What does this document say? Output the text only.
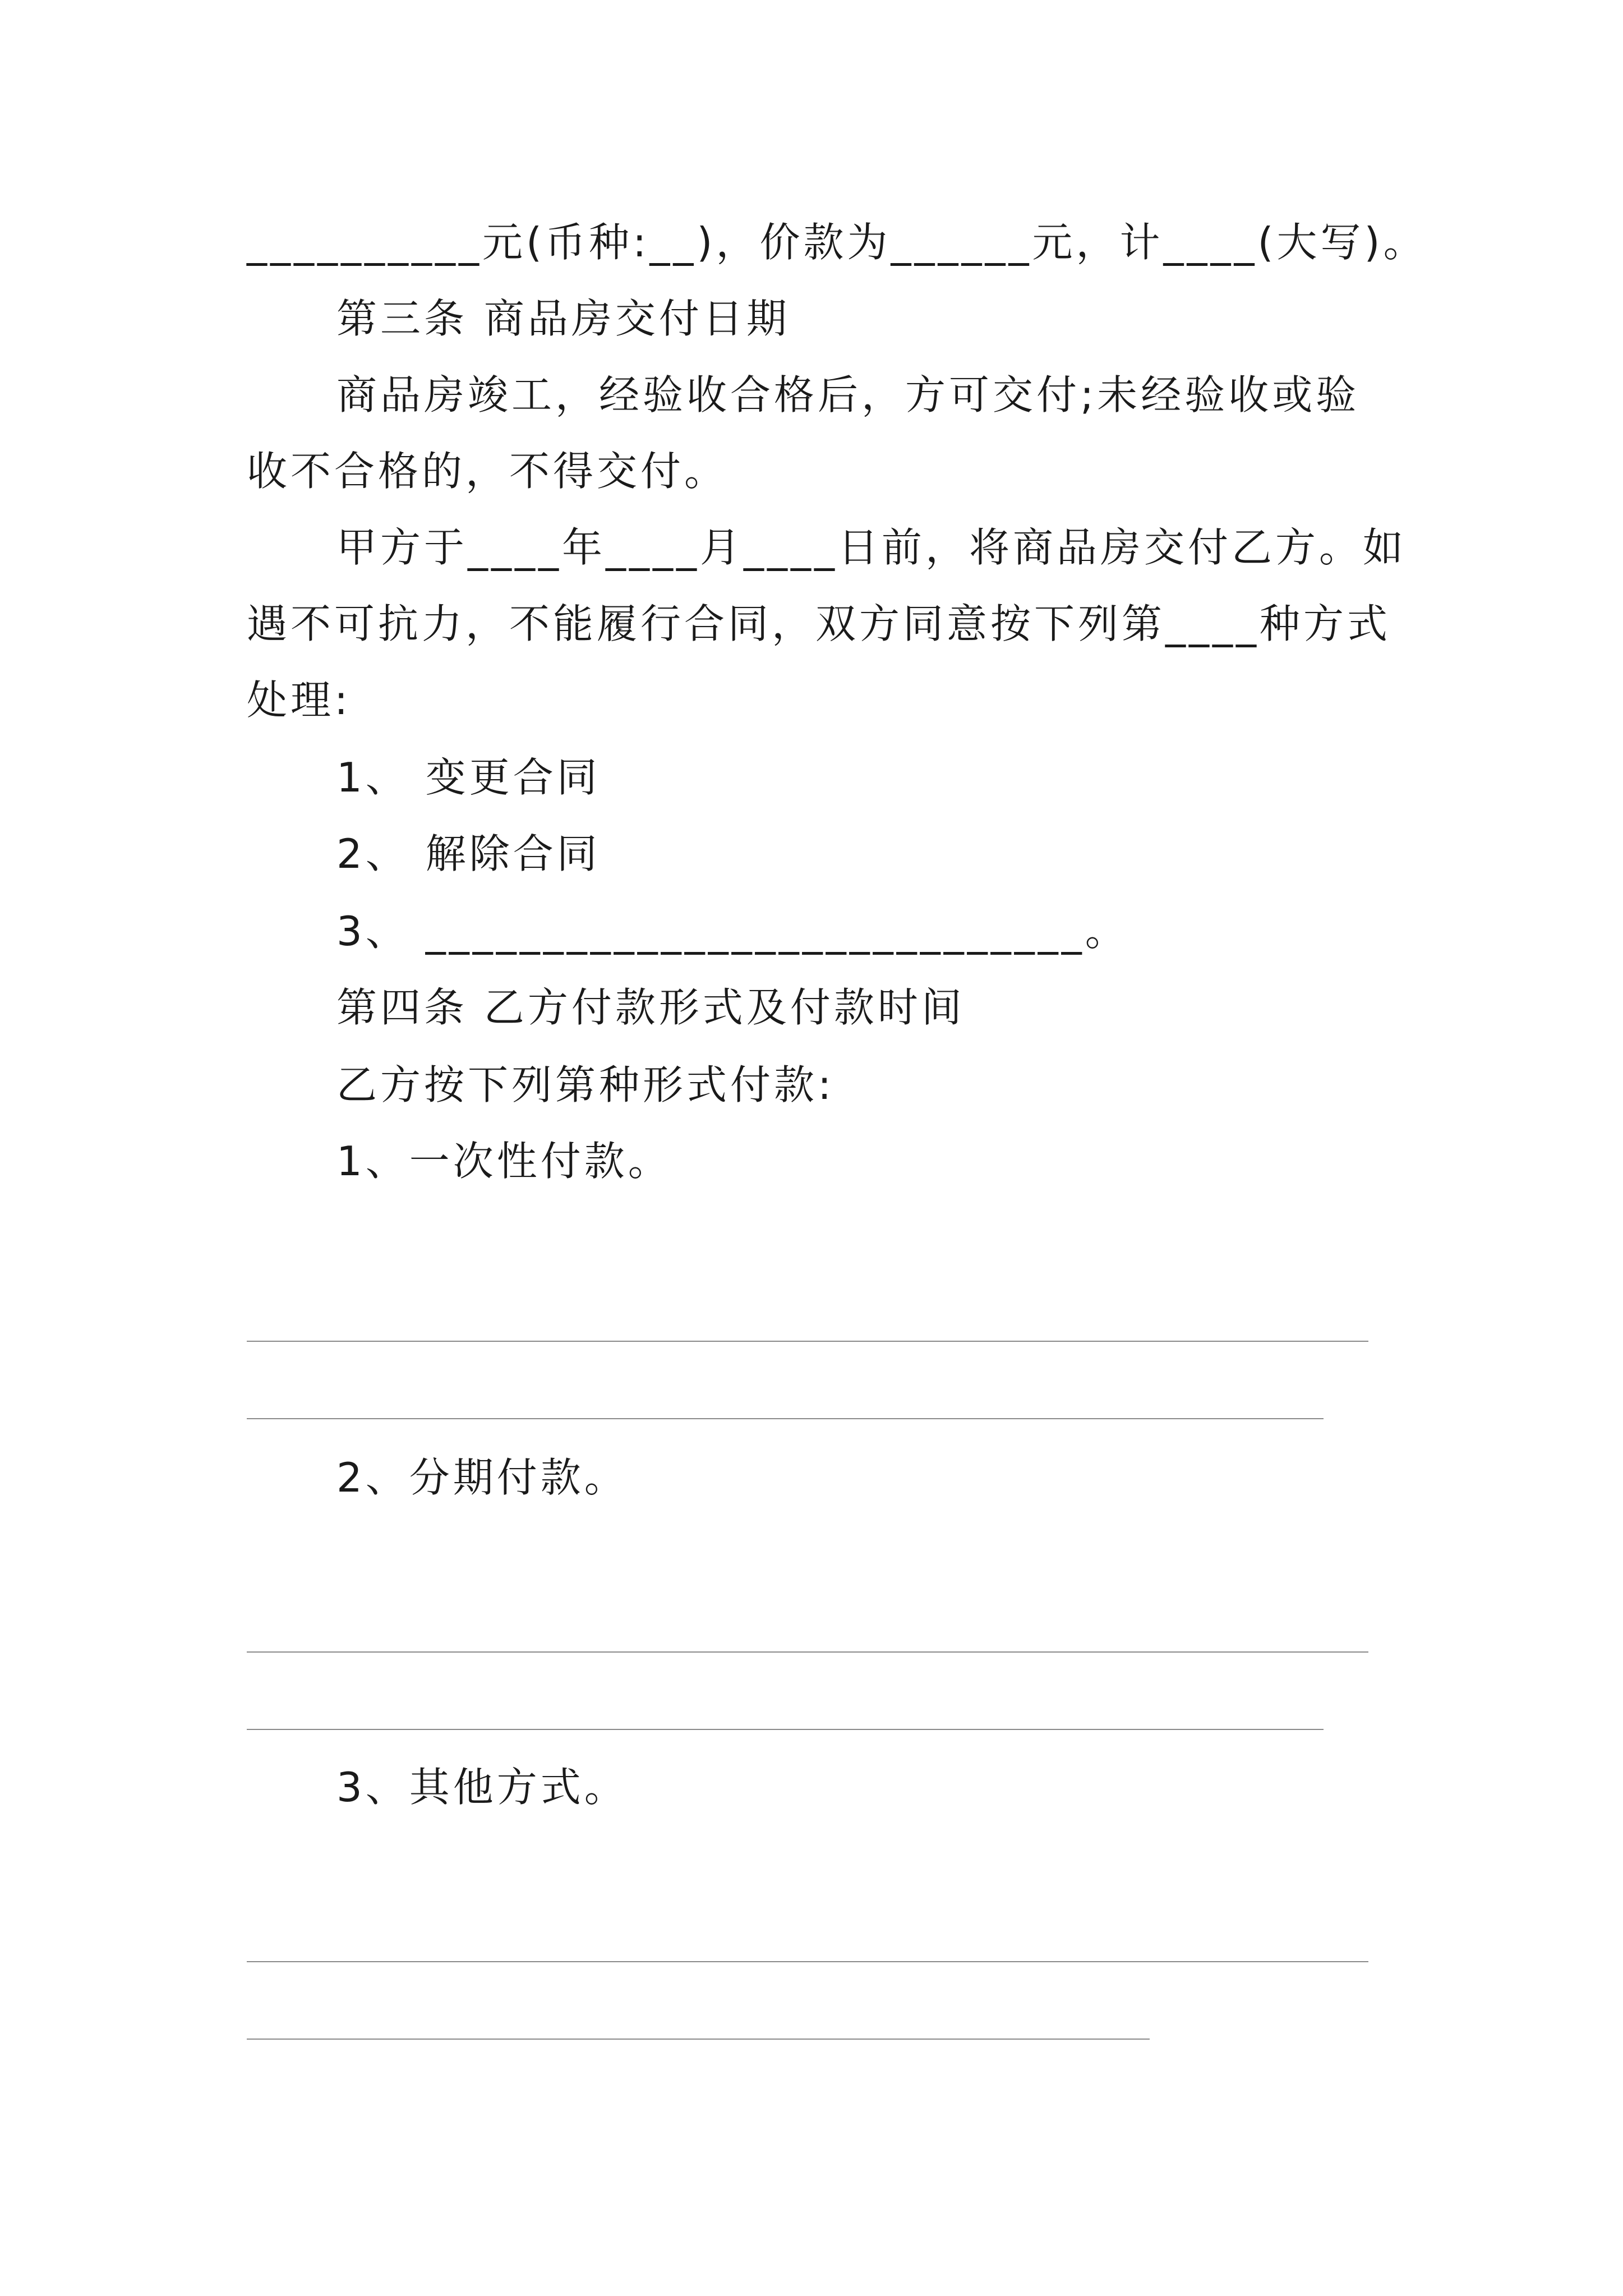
__________元(币种:__)，价款为______元，计____(大写)。
第三条 商品房交付日期
商品房竣工，经验收合格后，方可交付;未经验收或验
收不合格的，不得交付。
甲方于____年____月____日前，将商品房交付乙方。如
遇不可抗力，不能履行合同，双方同意按下列第____种方式
处理:
1、 变更合同
2、 解除合同
3、 ____________________________。
第四条 乙方付款形式及付款时间
乙方按下列第种形式付款:
1、一次性付款。
2、分期付款。
3、其他方式。
